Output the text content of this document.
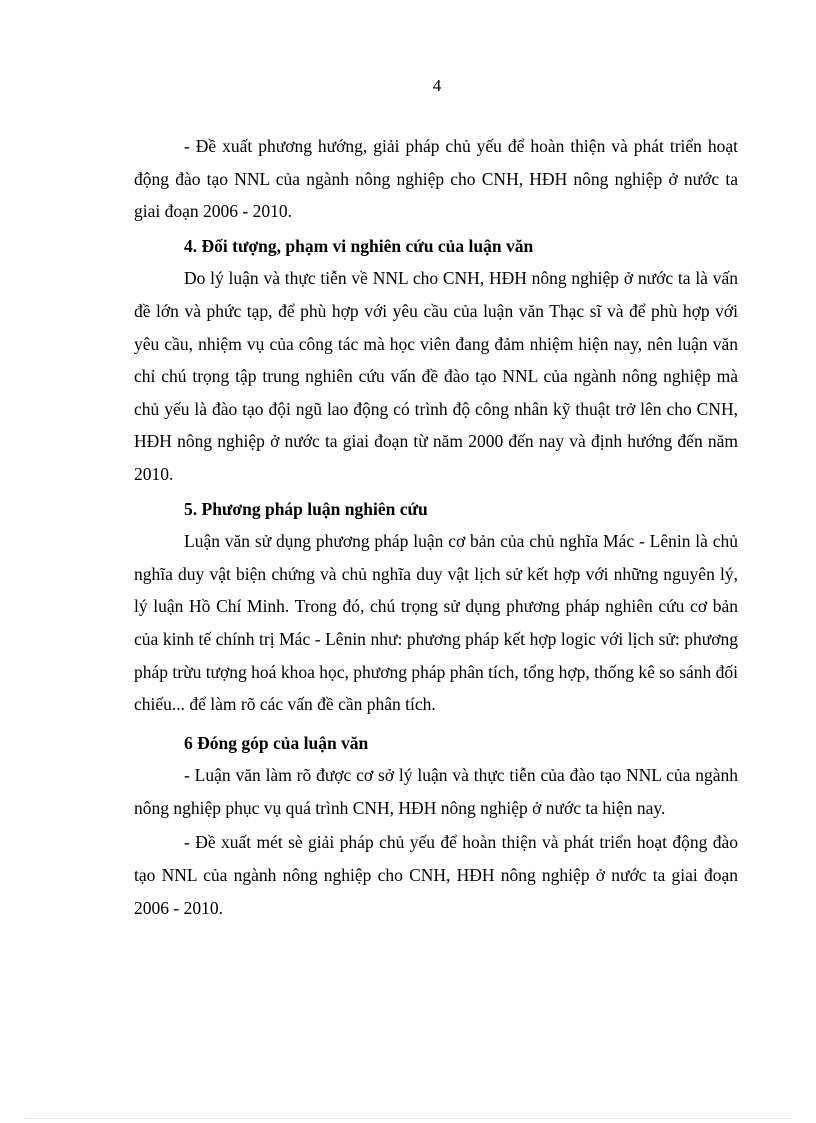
4

- Đề xuất phương hướng, giải pháp chủ yếu để hoàn thiện và phát triển hoạt động đào tạo NNL của ngành nông nghiệp cho CNH, HĐH nông nghiệp ở nước ta giai đoạn 2006 - 2010.

4. Đối tượng, phạm vi nghiên cứu của luận văn

Do lý luận và thực tiễn về NNL cho CNH, HĐH nông nghiệp ở nước ta là vấn đề lớn và phức tạp, để phù hợp với yêu cầu của luận văn Thạc sĩ và để phù hợp với yêu cầu, nhiệm vụ của công tác mà học viên đang đảm nhiệm hiện nay, nên luận văn chỉ chú trọng tập trung nghiên cứu vấn đề đào tạo NNL của ngành nông nghiệp mà chủ yếu là đào tạo đội ngũ lao động có trình độ công nhân kỹ thuật trở lên cho CNH, HĐH nông nghiệp ở nước ta giai đoạn từ năm 2000 đến nay và định hướng đến năm 2010.

5. Phương pháp luận nghiên cứu

Luận văn sử dụng phương pháp luận cơ bản của chủ nghĩa Mác - Lênin là chủ nghĩa duy vật biện chứng và chủ nghĩa duy vật lịch sử kết hợp với những nguyên lý, lý luận Hồ Chí Minh. Trong đó, chú trọng sử dụng phương pháp nghiên cứu cơ bản của kinh tế chính trị Mác - Lênin như: phương pháp kết hợp logic với lịch sử: phương pháp trừu tượng hoá khoa học, phương pháp phân tích, tổng hợp, thống kê so sánh đối chiếu... để làm rõ các vấn đề cần phân tích.

6 Đóng góp của luận văn

- Luận văn làm rõ được cơ sở lý luận và thực tiễn của đào tạo NNL của ngành nông nghiệp phục vụ quá trình CNH, HĐH nông nghiệp ở nước ta hiện nay.

- Đề xuất mét sè giải pháp chủ yếu để hoàn thiện và phát triển hoạt động đào tạo NNL của ngành nông nghiệp cho CNH, HĐH nông nghiệp ở nước ta giai đoạn 2006 - 2010.
